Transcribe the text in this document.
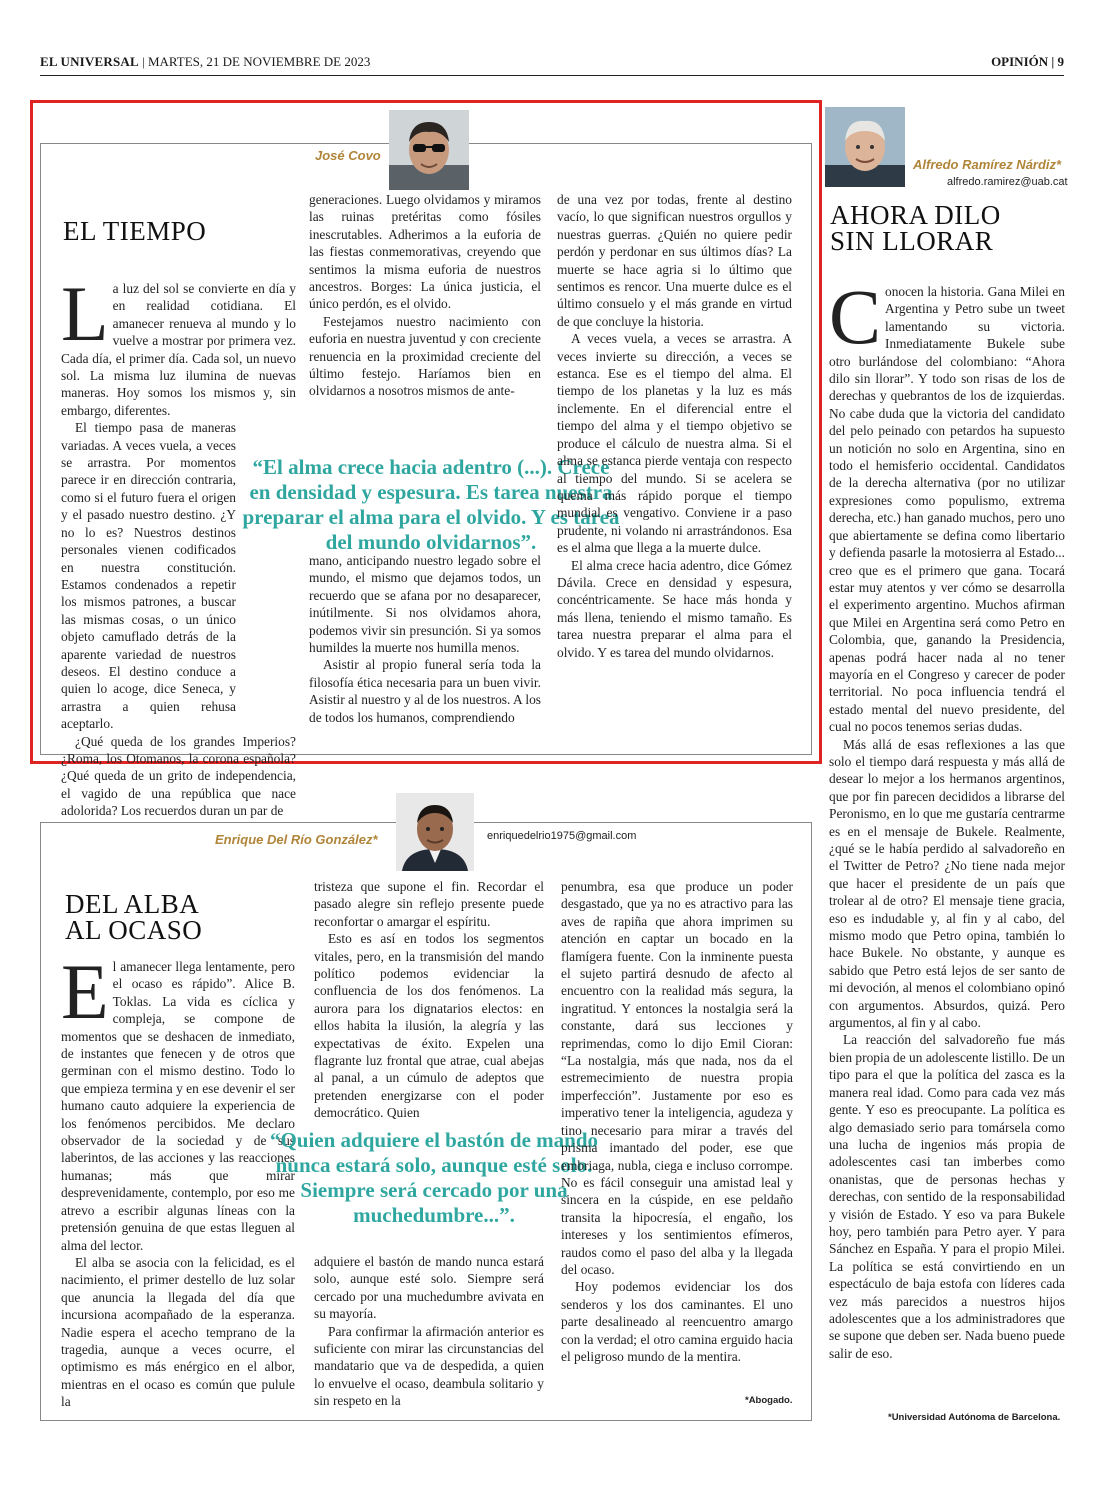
EL UNIVERSAL | MARTES, 21 DE NOVIEMBRE DE 2023	OPINIÓN | 9
José Covo
EL TIEMPO

La luz del sol se convierte en día y en realidad cotidiana. El amanecer renueva al mundo y lo vuelve a mostrar por primera vez. Cada día, el primer día. Cada sol, un nuevo sol. La misma luz ilumina de nuevas maneras. Hoy somos los mismos y, sin embargo, diferentes.

El tiempo pasa de maneras variadas. A veces vuela, a veces se arrastra. Por momentos parece ir en dirección contraria, como si el futuro fuera el origen y el pasado nuestro destino. ¿Y no lo es? Nuestros destinos personales vienen codificados en nuestra constitución. Estamos condenados a repetir los mismos patrones, a buscar las mismas cosas, o un único objeto camuflado detrás de la aparente variedad de nuestros deseos. El destino conduce a quien lo acoge, dice Seneca, y arrastra a quien rehusa aceptarlo.

¿Qué queda de los grandes Imperios? ¿Roma, los Otomanos, la corona española? ¿Qué queda de un grito de independencia, el vagido de una república que nace adolorida? Los recuerdos duran un par de

generaciones. Luego olvidamos y miramos las ruinas pretéritas como fósiles inescrutables. Adherimos a la euforia de las fiestas conmemorativas, creyendo que sentimos la misma euforia de nuestros ancestros. Borges: La única justicia, el único perdón, es el olvido.

Festejamos nuestro nacimiento con euforia en nuestra juventud y con creciente renuencia en la proximidad creciente del último festejo. Haríamos bien en olvidarnos a nosotros mismos de ante-

“El alma crece hacia adentro (...). Crece en densidad y espesura. Es tarea nuestra preparar el alma para el olvido. Y es tarea del mundo olvidarnos”.

mano, anticipando nuestro legado sobre el mundo, el mismo que dejamos todos, un recuerdo que se afana por no desaparecer, inútilmente. Si nos olvidamos ahora, podemos vivir sin presunción. Si ya somos humildes la muerte nos humilla menos.

Asistir al propio funeral sería toda la filosofía ética necesaria para un buen vivir. Asistir al nuestro y al de los nuestros. A los de todos los humanos, comprendiendo

de una vez por todas, frente al destino vacío, lo que significan nuestros orgullos y nuestras guerras. ¿Quién no quiere pedir perdón y perdonar en sus últimos días? La muerte se hace agria si lo último que sentimos es rencor. Una muerte dulce es el último consuelo y el más grande en virtud de que concluye la historia.

A veces vuela, a veces se arrastra. A veces invierte su dirección, a veces se estanca. Ese es el tiempo del alma. El tiempo de los planetas y la luz es más inclemente. En el diferencial entre el tiempo del alma y el tiempo objetivo se produce el cálculo de nuestra alma. Si el alma se estanca pierde ventaja con respecto al tiempo del mundo. Si se acelera se quema más rápido porque el tiempo mundial es vengativo. Conviene ir a paso prudente, ni volando ni arrastrándonos. Esa es el alma que llega a la muerte dulce.

El alma crece hacia adentro, dice Gómez Dávila. Crece en densidad y espesura, concéntricamente. Se hace más honda y más llena, teniendo el mismo tamaño. Es tarea nuestra preparar el alma para el olvido. Y es tarea del mundo olvidarnos.

Alfredo Ramírez Nárdiz*
alfredo.ramirez@uab.cat
AHORA DILO
SIN LLORAR

Conocen la historia. Gana Milei en Argentina y Petro sube un tweet lamentando su victoria. Inmediatamente Bukele sube otro burlándose del colombiano: “Ahora dilo sin llorar”. Y todo son risas de los de derechas y quebrantos de los de izquierdas. No cabe duda que la victoria del candidato del pelo peinado con petardos ha supuesto un notición no solo en Argentina, sino en todo el hemisferio occidental. Candidatos de la derecha alternativa (por no utilizar expresiones como populismo, extrema derecha, etc.) han ganado muchos, pero uno que abiertamente se defina como libertario y defienda pasarle la motosierra al Estado... creo que es el primero que gana. Tocará estar muy atentos y ver cómo se desarrolla el experimento argentino. Muchos afirman que Milei en Argentina será como Petro en Colombia, que, ganando la Presidencia, apenas podrá hacer nada al no tener mayoría en el Congreso y carecer de poder territorial. No poca influencia tendrá el estado mental del nuevo presidente, del cual no pocos tenemos serias dudas.

Más allá de esas reflexiones a las que solo el tiempo dará respuesta y más allá de desear lo mejor a los hermanos argentinos, que por fin parecen decididos a librarse del Peronismo, en lo que me gustaría centrarme es en el mensaje de Bukele. Realmente, ¿qué se le había perdido al salvadoreño en el Twitter de Petro? ¿No tiene nada mejor que hacer el presidente de un país que trolear al de otro? El mensaje tiene gracia, eso es indudable y, al fin y al cabo, del mismo modo que Petro opina, también lo hace Bukele. No obstante, y aunque es sabido que Petro está lejos de ser santo de mi devoción, al menos el colombiano opinó con argumentos. Absurdos, quizá. Pero argumentos, al fin y al cabo.

La reacción del salvadoreño fue más bien propia de un adolescente listillo. De un tipo para el que la política del zasca es la manera real idad. Como para cada vez más gente. Y eso es preocupante. La política es algo demasiado serio para tomársela como una lucha de ingenios más propia de adolescentes casi tan imberbes como onanistas, que de personas hechas y derechas, con sentido de la responsabilidad y visión de Estado. Y eso va para Bukele hoy, pero también para Petro ayer. Y para Sánchez en España. Y para el propio Milei. La política se está convirtiendo en un espectáculo de baja estofa con líderes cada vez más parecidos a nuestros hijos adolescentes que a los administradores que se supone que deben ser. Nada bueno puede salir de eso.

*Universidad Autónoma de Barcelona.
Enrique Del Río González*	enriquedelrio1975@gmail.com
DEL ALBA
AL OCASO

El amanecer llega lentamente, pero el ocaso es rápido”. Alice B. Toklas. La vida es cíclica y compleja, se compone de momentos que se deshacen de inmediato, de instantes que fenecen y de otros que germinan con el mismo destino. Todo lo que empieza termina y en ese devenir el ser humano cauto adquiere la experiencia de los fenómenos percibidos. Me declaro observador de la sociedad y de sus laberintos, de las acciones y las reacciones humanas; más que mirar desprevenidamente, contemplo, por eso me atrevo a escribir algunas líneas con la pretensión genuina de que estas lleguen al alma del lector.

El alba se asocia con la felicidad, es el nacimiento, el primer destello de luz solar que anuncia la llegada del día que incursiona acompañado de la esperanza. Nadie espera el acecho temprano de la tragedia, aunque a veces ocurre, el optimismo es más enérgico en el albor, mientras en el ocaso es común que pulule la

tristeza que supone el fin. Recordar el pasado alegre sin reflejo presente puede reconfortar o amargar el espíritu.

Esto es así en todos los segmentos vitales, pero, en la transmisión del mando político podemos evidenciar la confluencia de los dos fenómenos. La aurora para los dignatarios electos: en ellos habita la ilusión, la alegría y las expectativas de éxito. Expelen una flagrante luz frontal que atrae, cual abejas al panal, a un cúmulo de adeptos que pretenden energizarse con el poder democrático. Quien

“Quien adquiere el bastón de mando nunca estará solo, aunque esté solo. Siempre será cercado por una muchedumbre...”.

adquiere el bastón de mando nunca estará solo, aunque esté solo. Siempre será cercado por una muchedumbre avivata en su mayoría.

Para confirmar la afirmación anterior es suficiente con mirar las circunstancias del mandatario que va de despedida, a quien lo envuelve el ocaso, deambula solitario y sin respeto en la

penumbra, esa que produce un poder desgastado, que ya no es atractivo para las aves de rapiña que ahora imprimen su atención en captar un bocado en la flamígera fuente. Con la inminente puesta el sujeto partirá desnudo de afecto al encuentro con la realidad más segura, la ingratitud. Y entonces la nostalgia será la constante, dará sus lecciones y reprimendas, como lo dijo Emil Cioran: “La nostalgia, más que nada, nos da el estremecimiento de nuestra propia imperfección”. Justamente por eso es imperativo tener la inteligencia, agudeza y tino necesario para mirar a través del prisma imantado del poder, ese que embriaga, nubla, ciega e incluso corrompe. No es fácil conseguir una amistad leal y sincera en la cúspide, en ese peldaño transita la hipocresía, el engaño, los intereses y los sentimientos efímeros, raudos como el paso del alba y la llegada del ocaso.

Hoy podemos evidenciar los dos senderos y los dos caminantes. El uno parte desalineado al reencuentro amargo con la verdad; el otro camina erguido hacia el peligroso mundo de la mentira.

*Abogado.
